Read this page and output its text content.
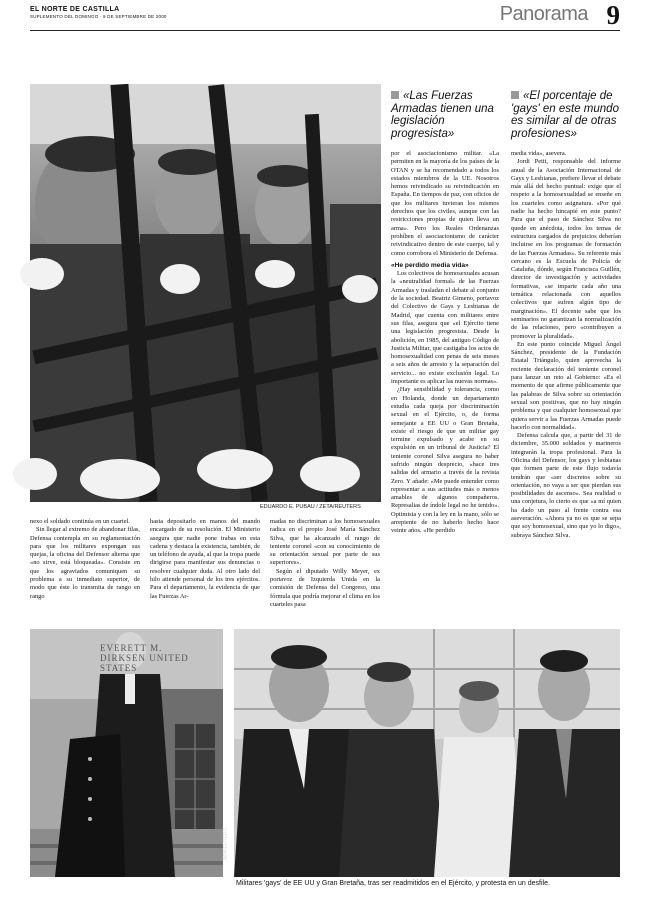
EL NORTE DE CASTILLA
SUPLEMENTO DEL DOMINGO · 9 DE SEPTIEMBRE DE 2000	Panorama 9
EDUARDO E. PUBAU / ZETA/REUTERS
«Las Fuerzas Armadas tienen una legislación progresista»
«El porcentaje de 'gays' en este mundo es similar al de otras profesiones»

por el asociacionismo militar. «La permiten en la mayoría de los países de la OTAN y se ha recomendado a todos los estados miembros de la UE. Nosotros hemos reivindicado su reivindicación en España. En tiempos de paz, con oficios de que los militares tuvieran los mismos derechos que los civiles, aunque con las restricciones propias de quien lleva un arma». Pero los Reales Ordenanzas prohíben el asociacionismo de carácter reivindicativo dentro de este cuerpo, tal y como corrobora el Ministerio de Defensa.

«He perdido media vida»

Los colectivos de homosexuales acusan la «neutralidad formal» de las Fuerzas Armadas y trasladan el debate al conjunto de la sociedad. Beatriz Gimeno, portavoz del Colectivo de Gays y Lesbianas de Madrid, que cuenta con militares entre sus filas, asegura que «el Ejército tiene una legislación progresista. Desde la abolición, en 1985, del antiguo Código de Justicia Militar, que castigaba los actos de homosexualidad con penas de seis meses a seis años de arresto y la separación del servicio... no existe exclusión legal. Lo importante es aplicar las nuevas normas».

¿Hay sensibilidad y tolerancia, como en Holanda, donde un departamento estudia cada queja por discriminación sexual en el Ejército, o, de forma semejante a EE UU o Gran Bretaña, existe el riesgo de que un militar gay termine expulsado y acabe en su expulsión en un tribunal de Justicia? El teniente coronel Silva asegura no haber sufrido ningún desprecio, «hace tres salidas del armario a través de la revista Zero. Y añade: «Me puede entender como representar a sus actitudes más o menos amables de algunos compañeros. Represalias de índole legal no he tenido». Optimista y con la ley en la mano, sólo se arrepiente de no haberlo hecho hace veinte años. «He perdido

media vida», asevera.

Jordi Petit, responsable del informe anual de la Asociación Internacional de Gays y Lesbianas, prefiere llevar el debate más allá del hecho puntual: exige que el respeto a la homosexualidad se enseñe en los cuarteles como asignatura. «Por qué nadie ha hecho hincapié en este punto? Para que el paso de Sánchez Silva no quede en anécdota, todos los temas de estructura cargados de prejuicios deberían incluirse en los programas de formación de las Fuerzas Armadas». Su referente más cercano es la Escuela de Policía de Cataluña, dónde, según Francisca Guillén, director de investigación y actividades formativas, «se imparte cada año una temática relacionada con aquellos colectivos que sufren algún tipo de marginación». El docente sabe que los seminarios no garantizan la normalización de las relaciones, pero «contribuyen a promover la pluralidad».

En este punto coincide Miguel Ángel Sánchez, presidente de la Fundación Estatal Triángulo, quien aprovecha la reciente declaración del teniente coronel para lanzar un reto al Gobierno: «Es el momento de que afirme públicamente que las palabras de Silva sobre su orientación sexual son positivas, que no hay ningún problema y que cualquier homosexual que quiera servir a las Fuerzas Armadas puede hacerlo con normalidad».

Defensa calcula que, a partir del 31 de diciembre, 35.000 soldados y marineros integrarán la tropa profesional. Para la Oficina del Defensor, los gays y lesbianas que formen parte de este flujo todavía tendrán que «ser discretos sobre su orientación, no vaya a ser que pierdan sus posibilidades de ascenso». Sea realidad o una conjetura, lo cierto es que «a mí quien ha dado un paso al frente contra esa aseveración. «Ahora ya no es que se sepa que soy homosexual, sino que yo lo digo», subraya Sánchez Silva.

nexo el soldado continúa en un cuartel.

Sin llegar al extremo de abandonar filas, Defensa contempla en su reglamentación para que los militares expongan sus quejas, la oficina del Defensor alterna que «no sirve, está bloqueada». Consiste en que los agraviados comuniquen su problema a su inmediato superior, de modo que éste lo transmita de rango en rango

hasta depositarlo en manos del mando encargado de su resolución. El Ministerio asegura que nadie pone trabas en esta cadena y destaca la existencia, también, de un teléfono de ayuda, al que la tropa puede dirigirse para manifestar sus denuncias o resolver cualquier duda. Al otro lado del hilo atiende personal de los tres ejércitos. Para el departamento, la evidencia de que las Fuerzas Ar-

madas no discriminan a los homosexuales radica en el propio José María Sánchez Silva, que ha alcanzado el rango de teniente coronel «con su conocimiento de su orientación sexual por parte de sus superiores».

Según el diputado Willy Meyer, ex portavoz de Izquierda Unida en la comisión de Defensa del Congreso, una fórmula que podría mejorar el clima en los cuarteles pasa

EVERETT M. DIRKSEN UNITED STATES
AP/REUTERS
Militares 'gays' de EE UU y Gran Bretaña, tras ser readmitidos en el Ejército, y protesta en un desfile.
